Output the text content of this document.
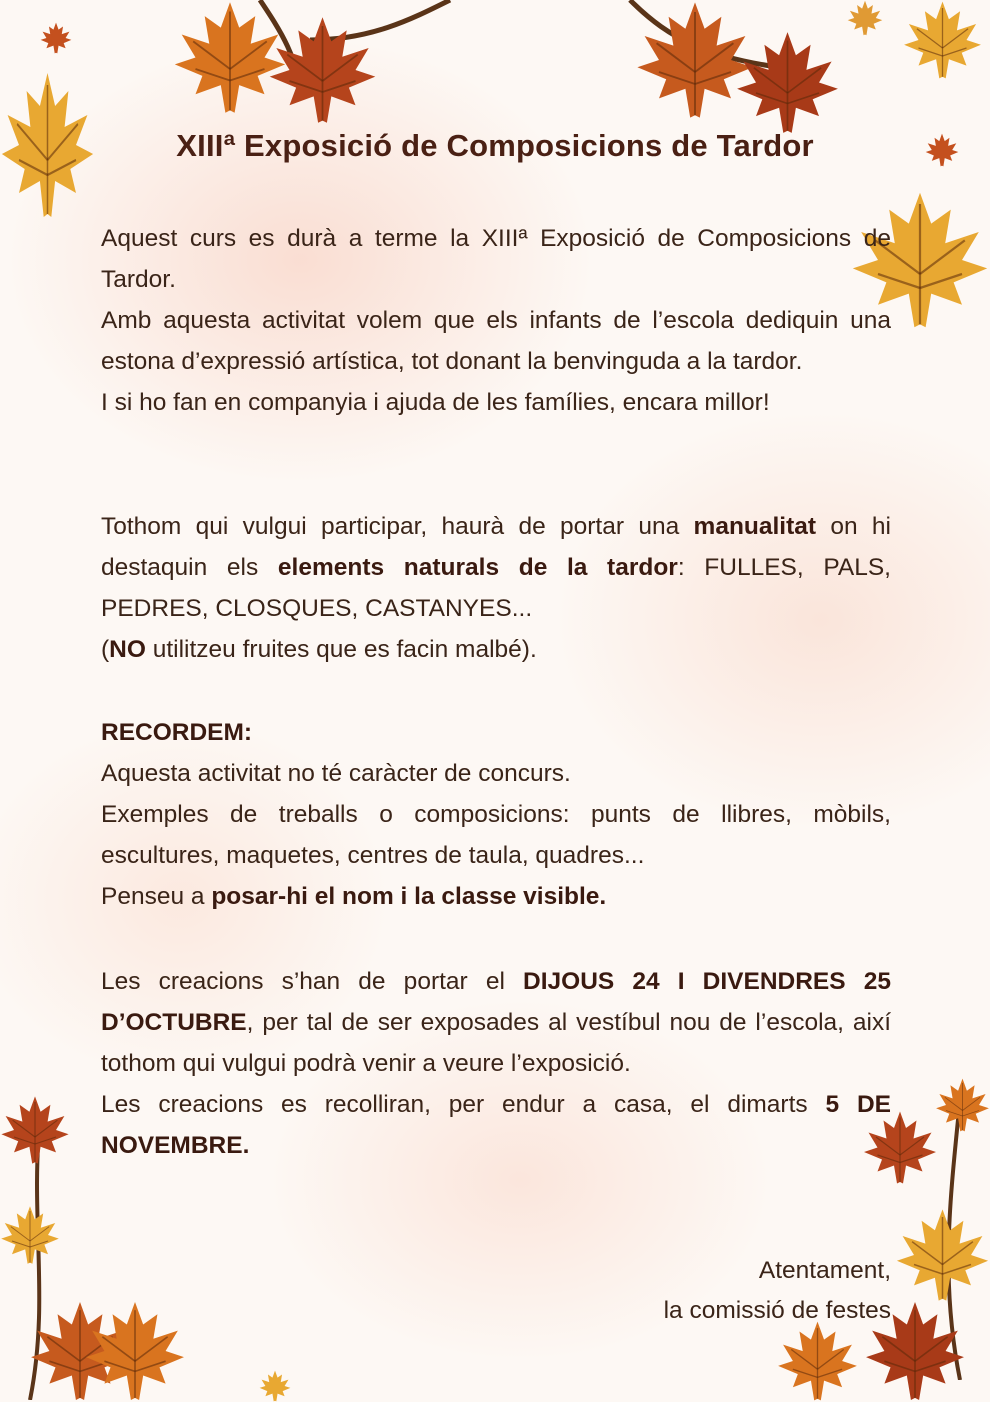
XIIIª Exposició de Composicions de Tardor

Aquest curs es durà a terme la XIIIª Exposició de Composicions de Tardor.
Amb aquesta activitat volem que els infants de l’escola dediquin una estona d’expressió artística, tot donant la benvinguda a la tardor.
I si ho fan en companyia i ajuda de les famílies, encara millor!

Tothom qui vulgui participar, haurà de portar una manualitat on hi destaquin els elements naturals de la tardor: FULLES, PALS, PEDRES, CLOSQUES, CASTANYES...
(NO utilitzeu fruites que es facin malbé).

RECORDEM:
Aquesta activitat no té caràcter de concurs.
Exemples de treballs o composicions: punts de llibres, mòbils, escultures, maquetes, centres de taula, quadres...
Penseu a posar-hi el nom i la classe visible.

Les creacions s’han de portar el DIJOUS 24 I DIVENDRES 25 D’OCTUBRE, per tal de ser exposades al vestíbul nou de l’escola, així tothom qui vulgui podrà venir a veure l’exposició.
Les creacions es recolliran, per endur a casa, el dimarts 5 DE NOVEMBRE.

Atentament,
la comissió de festes
